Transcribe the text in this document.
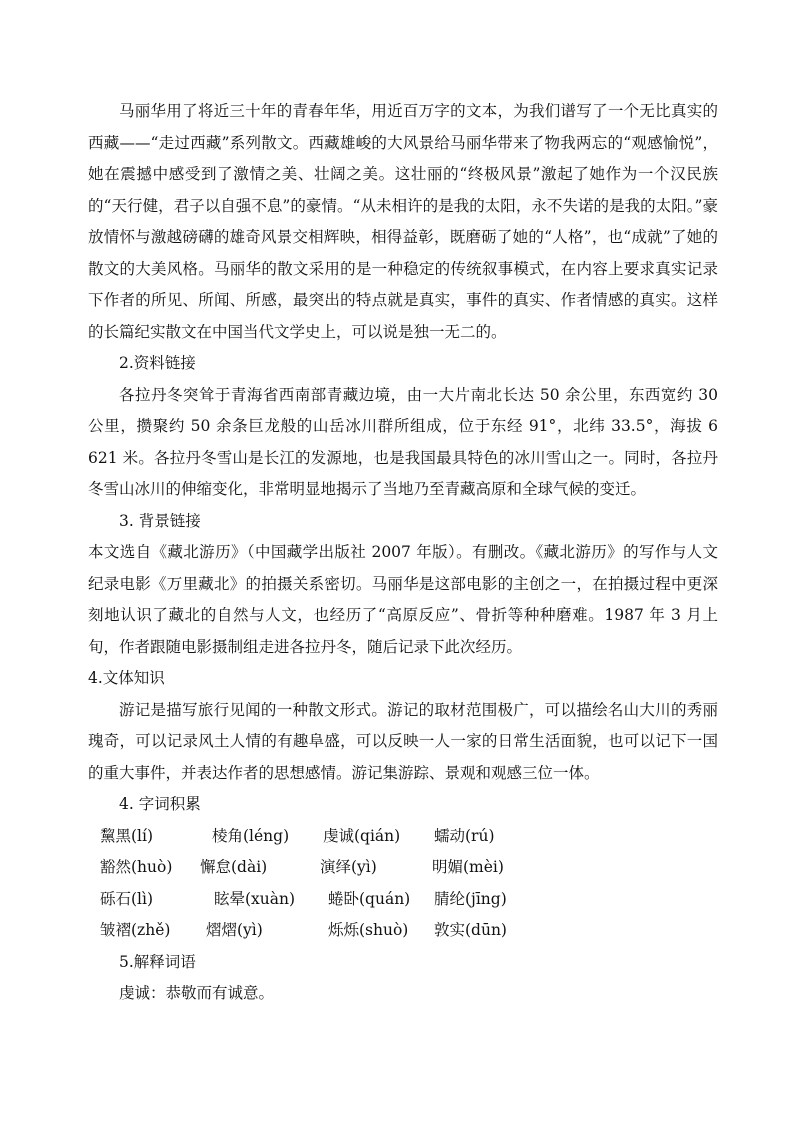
马丽华用了将近三十年的青春年华，用近百万字的文本，为我们谱写了一个无比真实的西藏——“走过西藏”系列散文。西藏雄峻的大风景给马丽华带来了物我两忘的“观感愉悦”，她在震撼中感受到了激情之美、壮阔之美。这壮丽的“终极风景”激起了她作为一个汉民族的“天行健，君子以自强不息”的豪情。“从未相许的是我的太阳，永不失诺的是我的太阳。”豪放情怀与激越磅礴的雄奇风景交相辉映，相得益彰，既磨砺了她的“人格”，也“成就”了她的散文的大美风格。马丽华的散文采用的是一种稳定的传统叙事模式，在内容上要求真实记录下作者的所见、所闻、所感，最突出的特点就是真实，事件的真实、作者情感的真实。这样的长篇纪实散文在中国当代文学史上，可以说是独一无二的。

2.资料链接

各拉丹冬突耸于青海省西南部青藏边境，由一大片南北长达 50 余公里，东西宽约 30 公里，攒聚约 50 余条巨龙般的山岳冰川群所组成，位于东经 91°，北纬 33.5°，海拔 6 621 米。各拉丹冬雪山是长江的发源地，也是我国最具特色的冰川雪山之一。同时，各拉丹冬雪山冰川的伸缩变化，非常明显地揭示了当地乃至青藏高原和全球气候的变迁。

3. 背景链接

本文选自《藏北游历》（中国藏学出版社 2007 年版）。有删改。《藏北游历》的写作与人文纪录电影《万里藏北》的拍摄关系密切。马丽华是这部电影的主创之一，在拍摄过程中更深刻地认识了藏北的自然与人文，也经历了“高原反应”、骨折等种种磨难。1987 年 3 月上旬，作者跟随电影摄制组走进各拉丹冬，随后记录下此次经历。

4.文体知识

游记是描写旅行见闻的一种散文形式。游记的取材范围极广，可以描绘名山大川的秀丽瑰奇，可以记录风土人情的有趣阜盛，可以反映一人一家的日常生活面貌，也可以记下一国的重大事件，并表达作者的思想感情。游记集游踪、景观和观感三位一体。

4. 字词积累

黧黑(lí)	棱角(léng) 虔诚(qián) 蠕动(rú)
豁然(huò) 懈怠(dài)	演绎(yì)	明媚(mèi)
砾石(lì)	眩晕(xuàn) 蜷卧(quán) 腈纶(jīng)
皱褶(zhě) 熠熠(yì)	烁烁(shuò) 敦实(dūn)

5.解释词语

虔诚：恭敬而有诚意。
